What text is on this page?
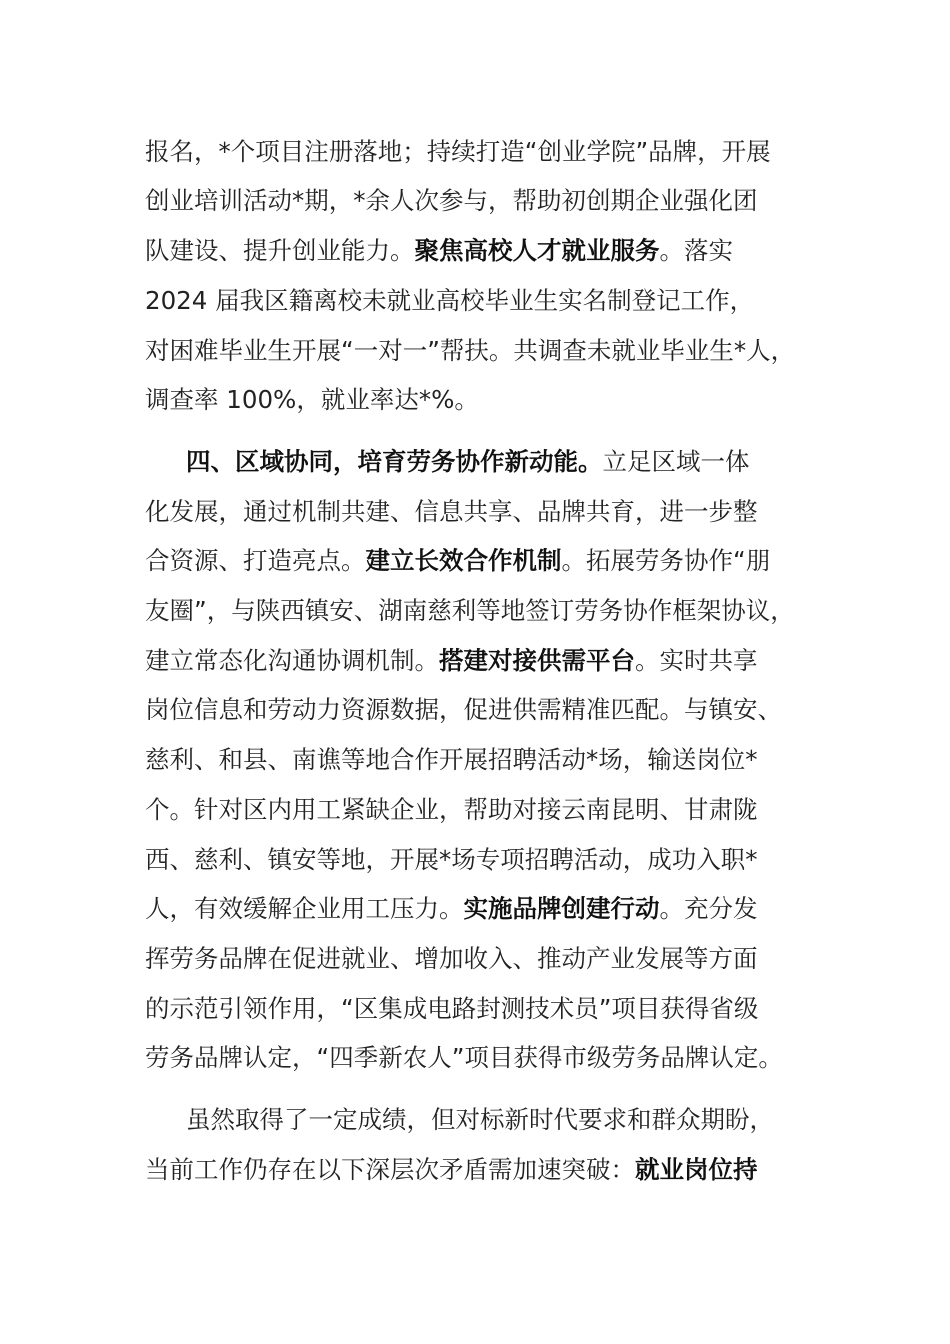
报名，*个项目注册落地；持续打造“创业学院”品牌，开展
创业培训活动*期，*余人次参与，帮助初创期企业强化团
队建设、提升创业能力。聚焦高校人才就业服务。落实
2024 届我区籍离校未就业高校毕业生实名制登记工作，
对困难毕业生开展“一对一”帮扶。共调查未就业毕业生*人，
调查率 100%，就业率达*%。
四、区域协同，培育劳务协作新动能。立足区域一体
化发展，通过机制共建、信息共享、品牌共育，进一步整
合资源、打造亮点。建立长效合作机制。拓展劳务协作“朋
友圈”，与陕西镇安、湖南慈利等地签订劳务协作框架协议，
建立常态化沟通协调机制。搭建对接供需平台。实时共享
岗位信息和劳动力资源数据，促进供需精准匹配。与镇安、
慈利、和县、南谯等地合作开展招聘活动*场，输送岗位*
个。针对区内用工紧缺企业，帮助对接云南昆明、甘肃陇
西、慈利、镇安等地，开展*场专项招聘活动，成功入职*
人，有效缓解企业用工压力。实施品牌创建行动。充分发
挥劳务品牌在促进就业、增加收入、推动产业发展等方面
的示范引领作用，“区集成电路封测技术员”项目获得省级
劳务品牌认定，“四季新农人”项目获得市级劳务品牌认定。
虽然取得了一定成绩，但对标新时代要求和群众期盼，
当前工作仍存在以下深层次矛盾需加速突破：就业岗位持
